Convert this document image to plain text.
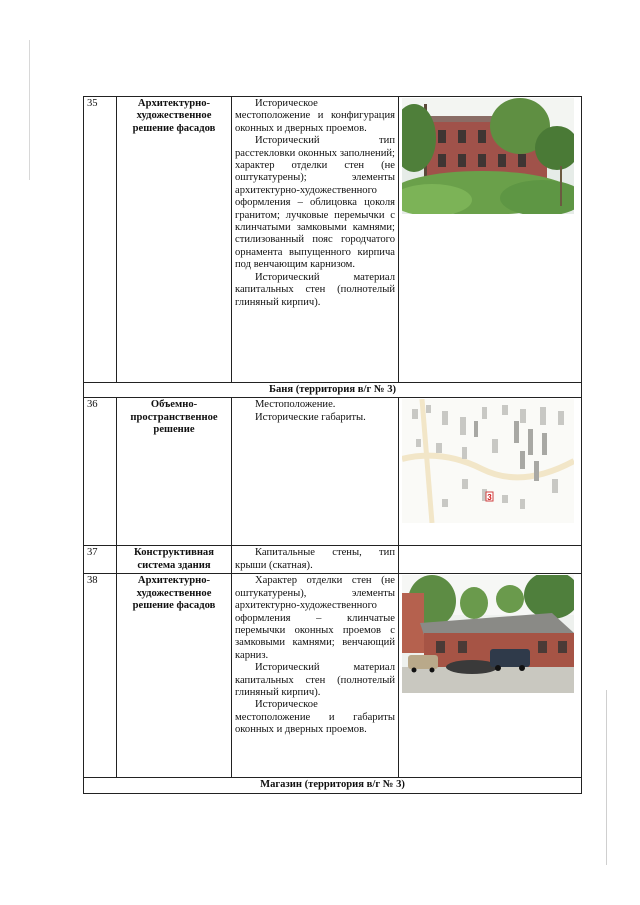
35	Архитектурно-художественное решение фасадов	Историческое местоположение и конфигурация оконных и дверных проемов.

Исторический тип расстекловки оконных заполнений; характер отделки стен (не оштукатурены); элементы архитектурно-художественного оформления – облицовка цоколя гранитом; лучковые перемычки с клинчатыми замковыми камнями; стилизованный пояс городчатого орнамента выпущенного кирпича под венчающим карнизом.

Исторический материал капитальных стен (полнотелый глиняный кирпич).

Баня (территория в/г № 3)			
36	Объемно-пространственное решение	Местоположение.

Исторические габариты.	3

37	Конструктивная система здания	Капитальные стены, тип крыши (скатная).	

38	Архитектурно-художественное решение фасадов	Характер отделки стен (не оштукатурены), элементы архитектурно-художественного оформления – клинчатые перемычки оконных проемов с замковыми камнями; венчающий карниз.

Исторический материал капитальных стен (полнотелый глиняный кирпич).

Историческое местоположение и габариты оконных и дверных проемов.

Магазин (территория в/г № 3)			
